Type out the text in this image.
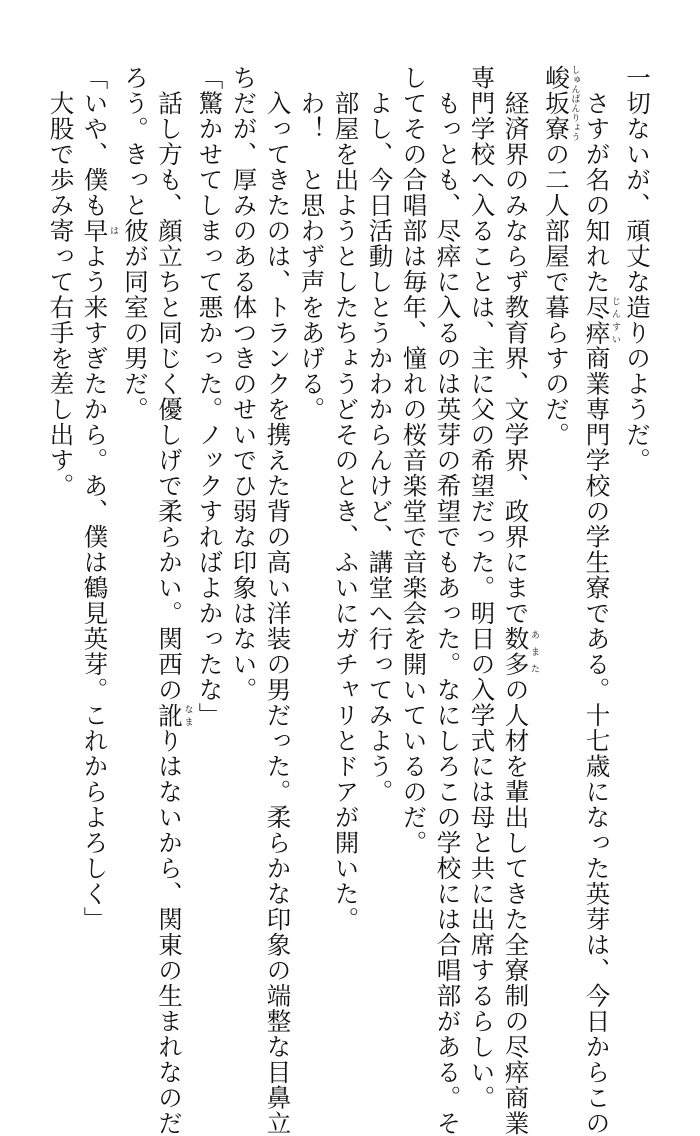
一切ないが、頑丈な造りのようだ。

　さすが名の知れた尽瘁じんすい商業専門学校の学生寮である。十七歳になった英芽は、今日からこの

峻坂寮しゅんぱんりょうの二人部屋で暮らすのだ。

　経済界のみならず教育界、文学界、政界にまで数多あまたの人材を輩出してきた全寮制の尽瘁商業

専門学校へ入ることは、主に父の希望だった。明日の入学式には母と共に出席するらしい。

　もっとも、尽瘁に入るのは英芽の希望でもあった。なにしろこの学校には合唱部がある。そ

してその合唱部は毎年、憧れの桜音楽堂で音楽会を開いているのだ。

　よし、今日活動しとうかわからんけど、講堂へ行ってみよう。

　部屋を出ようとしたちょうどそのとき、ふいにガチャリとドアが開いた。

　わ！　と思わず声をあげる。

　入ってきたのは、トランクを携えた背の高い洋装の男だった。柔らかな印象の端整な目鼻立

ちだが、厚みのある体つきのせいでひ弱な印象はない。

「驚かせてしまって悪かった。ノックすればよかったな」

　話し方も、顔立ちと同じく優しげで柔らかい。関西の訛なまりはないから、関東の生まれなのだ

ろう。きっと彼が同室の男だ。

「いや、僕も早はよう来すぎたから。あ、僕は鶴見英芽。これからよろしく」

　大股で歩み寄って右手を差し出す。
